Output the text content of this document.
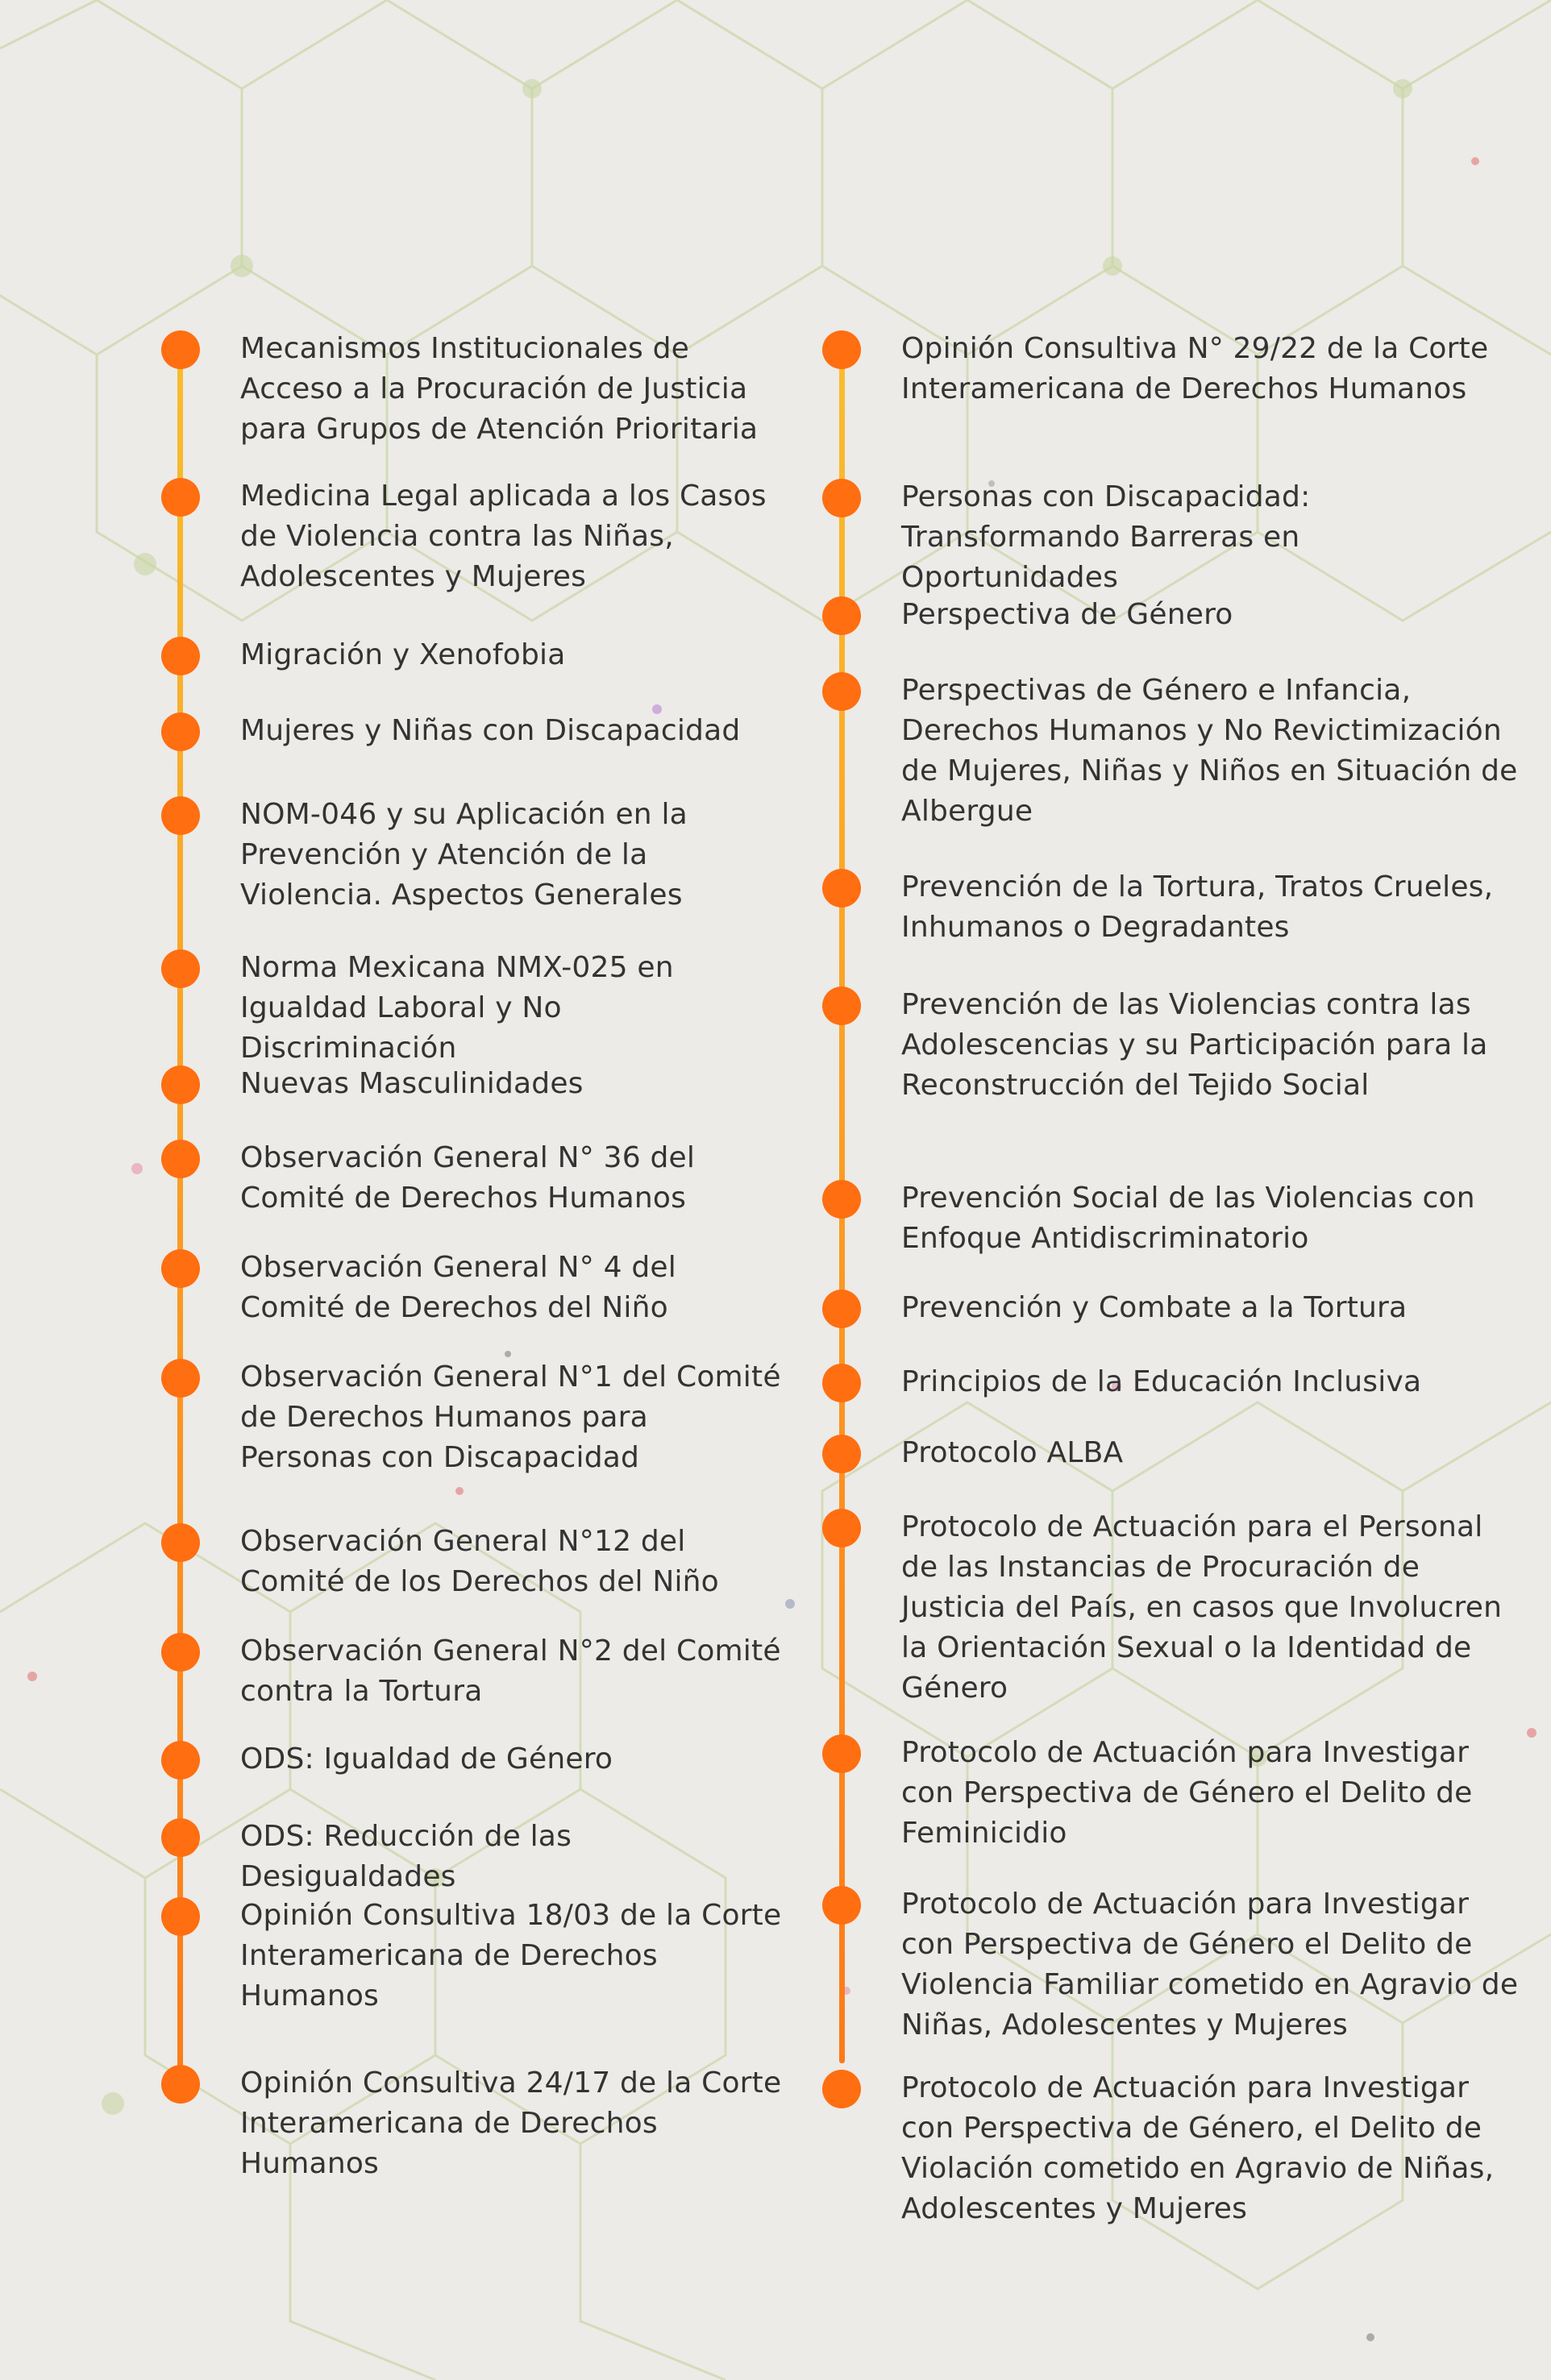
Mecanismos Institucionales de Acceso a la Procuración de Justicia para Grupos de Atención Prioritaria
Medicina Legal aplicada a los Casos de Violencia contra las Niñas, Adolescentes y Mujeres
Migración y Xenofobia
Mujeres y Niñas con Discapacidad
NOM-046 y su Aplicación en la Prevención y Atención de la Violencia. Aspectos Generales
Norma Mexicana NMX-025 en Igualdad Laboral y No Discriminación
Nuevas Masculinidades
Observación General N° 36 del Comité de Derechos Humanos
Observación General N° 4 del Comité de Derechos del Niño
Observación General N°1 del Comité de Derechos Humanos para Personas con Discapacidad
Observación General N°12 del Comité de los Derechos del Niño
Observación General N°2 del Comité contra la Tortura
ODS: Igualdad de Género
ODS: Reducción de las Desigualdades
Opinión Consultiva 18/03 de la Corte Interamericana de Derechos Humanos
Opinión Consultiva 24/17 de la Corte Interamericana de Derechos Humanos
Opinión Consultiva N° 29/22 de la Corte Interamericana de Derechos Humanos
Personas con Discapacidad: Transformando Barreras en Oportunidades
Perspectiva de Género
Perspectivas de Género e Infancia, Derechos Humanos y No Revictimización de Mujeres, Niñas y Niños en Situación de Albergue
Prevención de la Tortura, Tratos Crueles, Inhumanos o Degradantes
Prevención de las Violencias contra las Adolescencias y su Participación para la Reconstrucción del Tejido Social
Prevención Social de las Violencias con Enfoque Antidiscriminatorio
Prevención y Combate a la Tortura
Principios de la Educación Inclusiva
Protocolo ALBA
Protocolo de Actuación para el Personal de las Instancias de Procuración de Justicia del País, en casos que Involucren la Orientación Sexual o la Identidad de Género
Protocolo de Actuación para Investigar con Perspectiva de Género el Delito de Feminicidio
Protocolo de Actuación para Investigar con Perspectiva de Género el Delito de Violencia Familiar cometido en Agravio de Niñas, Adolescentes y Mujeres
Protocolo de Actuación para Investigar con Perspectiva de Género, el Delito de Violación cometido en Agravio de Niñas, Adolescentes y Mujeres
